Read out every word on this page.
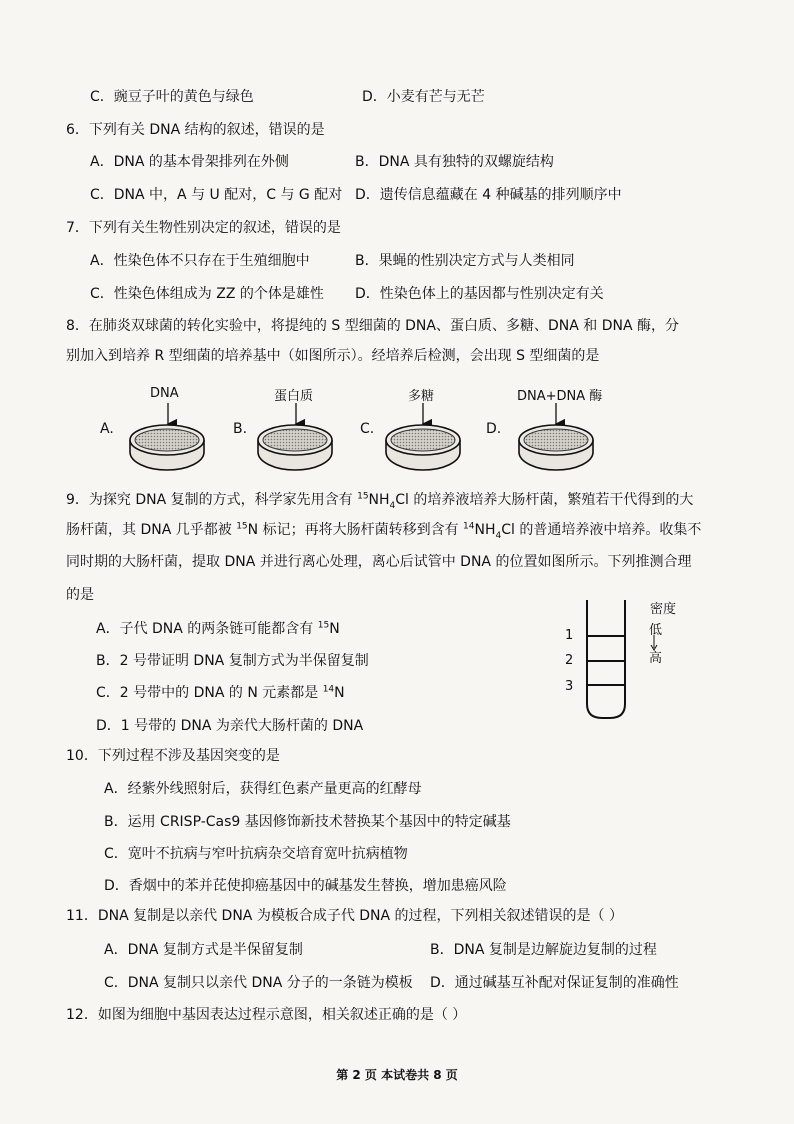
C．豌豆子叶的黄色与绿色	D．小麦有芒与无芒
6．下列有关 DNA 结构的叙述，错误的是
A．DNA 的基本骨架排列在外侧	B．DNA 具有独特的双螺旋结构
C．DNA 中，A 与 U 配对，C 与 G 配对 D．遗传信息蕴藏在 4 种碱基的排列顺序中
7．下列有关生物性别决定的叙述，错误的是
A．性染色体不只存在于生殖细胞中	B．果蝇的性别决定方式与人类相同
C．性染色体组成为 ZZ 的个体是雄性 D．性染色体上的基因都与性别决定有关
8．在肺炎双球菌的转化实验中，将提纯的 S 型细菌的 DNA、蛋白质、多糖、DNA 和 DNA 酶，分
别加入到培养 R 型细菌的培养基中（如图所示）。经培养后检测，会出现 S 型细菌的是
A.	B.	C.	D.
DNA	蛋白质	多糖	DNA+DNA 酶
9．为探究 DNA 复制的方式，科学家先用含有 $^{15}NH_4Cl$ 的培养液培养大肠杆菌，繁殖若干代得到的大
肠杆菌，其 DNA 几乎都被 $^{15}$N 标记；再将大肠杆菌转移到含有 $^{14}NH_4Cl$ 的普通培养液中培养。收集不
同时期的大肠杆菌，提取 DNA 并进行离心处理，离心后试管中 DNA 的位置如图所示。下列推测合理
的是
A．子代 DNA 的两条链可能都含有 $^{15}$N
B．2 号带证明 DNA 复制方式为半保留复制
C．2 号带中的 DNA 的 N 元素都是 $^{14}$N
D．1 号带的 DNA 为亲代大肠杆菌的 DNA
密度
低
高
1
2
3
10．下列过程不涉及基因突变的是
A．经紫外线照射后，获得红色素产量更高的红酵母
B．运用 CRISP-Cas9 基因修饰新技术替换某个基因中的特定碱基
C．宽叶不抗病与窄叶抗病杂交培育宽叶抗病植物
D．香烟中的苯并芘使抑癌基因中的碱基发生替换，增加患癌风险
11．DNA 复制是以亲代 DNA 为模板合成子代 DNA 的过程，下列相关叙述错误的是（ ）
A．DNA 复制方式是半保留复制	B．DNA 复制是边解旋边复制的过程
C．DNA 复制只以亲代 DNA 分子的一条链为模板 D．通过碱基互补配对保证复制的准确性
12．如图为细胞中基因表达过程示意图，相关叙述正确的是（ ）
第 2 页 本试卷共 8 页
